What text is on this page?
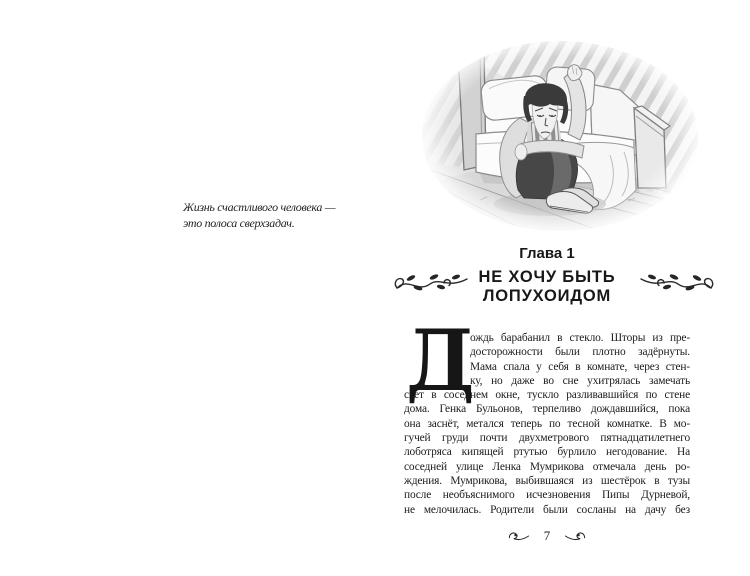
Жизнь счастливого человека —
это полоса сверхзадач.
Глава 1
НЕ ХОЧУ БЫТЬ
ЛОПУХОИДОМ
Д
ождь барабанил в стекло. Шторы из пре-
досторожности были плотно задёрнуты.
Мама спала у себя в комнате, через стен-
ку, но даже во сне ухитрялась замечать
свет в соседнем окне, тускло разливавшийся по стене
дома. Генка Бульонов, терпеливо дождавшийся, пока
она заснёт, метался теперь по тесной комнатке. В мо-
гучей груди почти двухметрового пятнадцатилетнего
лоботряса кипящей ртутью бурлило негодование. На
соседней улице Ленка Мумрикова отмечала день ро-
ждения. Мумрикова, выбившаяся из шестёрок в тузы
после необъяснимого исчезновения Пипы Дурневой,
не мелочилась. Родители были сосланы на дачу без
7
